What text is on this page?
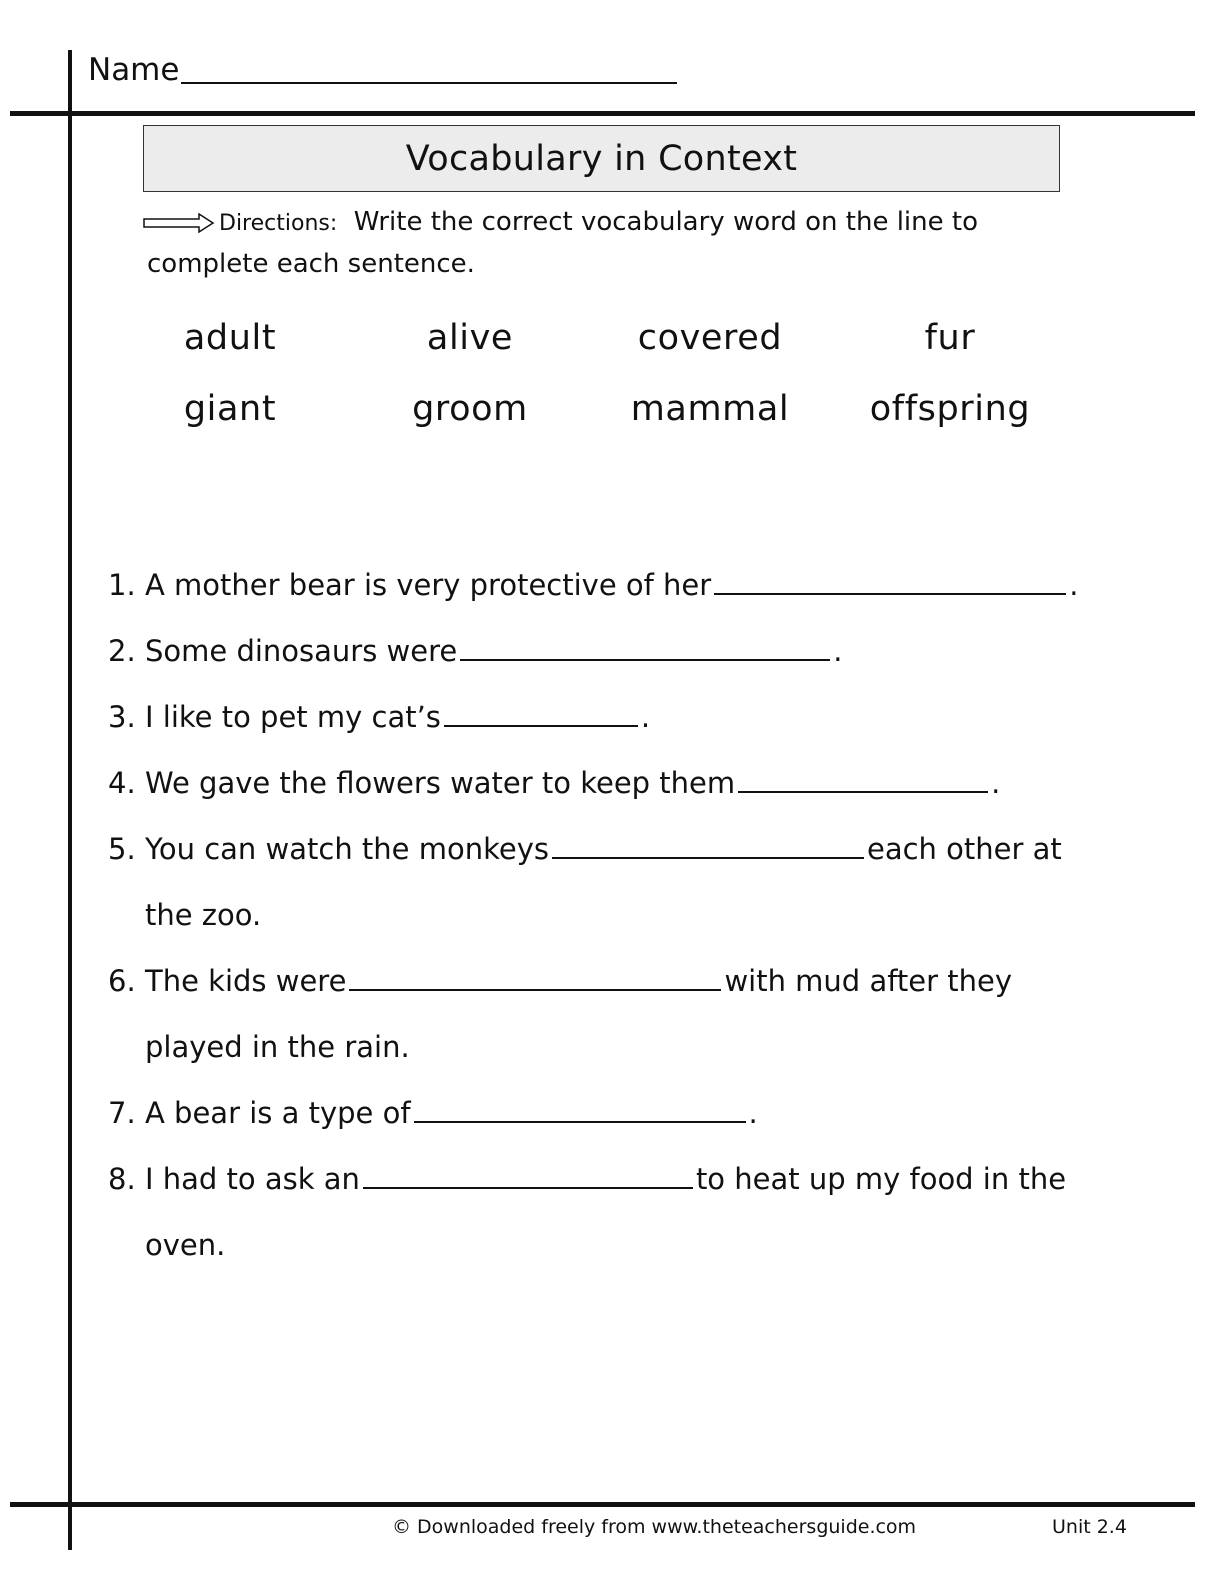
Name
Vocabulary in Context
Directions: Write the correct vocabulary word on the line to
complete each sentence.
adult	alive	covered	fur
giant	groom	mammal	offspring
1. A mother bear is very protective of her	.
2. Some dinosaurs were	.
3. I like to pet my cat’s	.
4. We gave the flowers water to keep them	.
5. You can watch the monkeys	each other at
the zoo.
6. The kids were	with mud after they
played in the rain.
7. A bear is a type of	.
8. I had to ask an	to heat up my food in the
oven.
© Downloaded freely from www.theteachersguide.com	Unit 2.4
